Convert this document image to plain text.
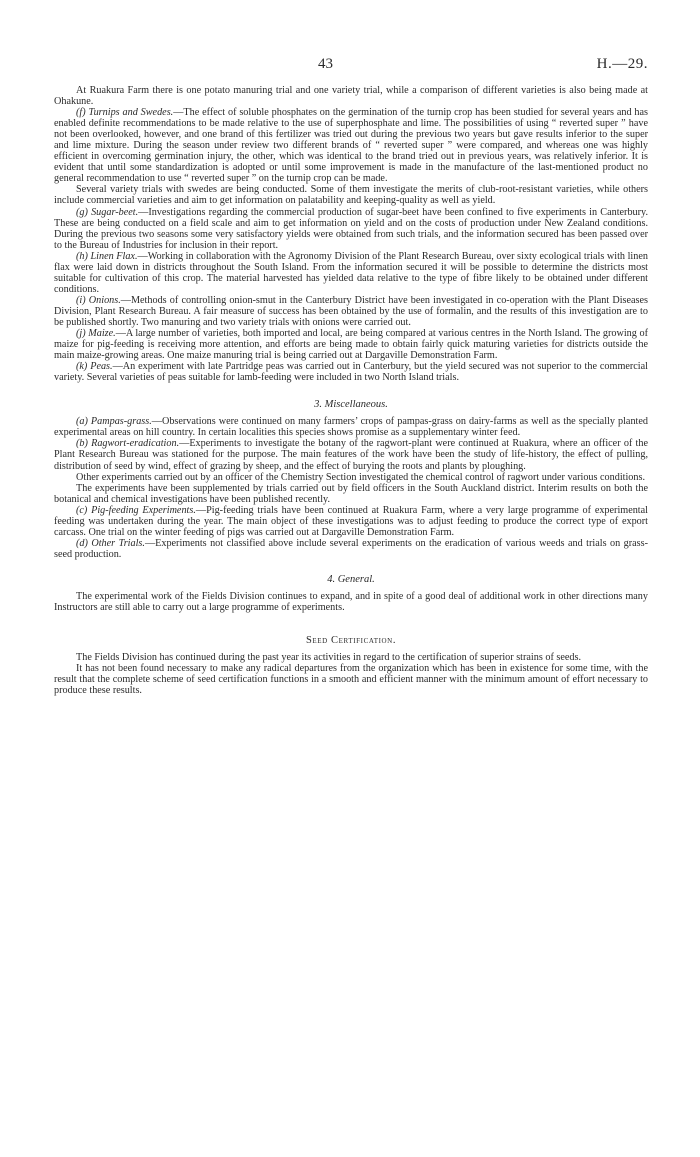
43	H.—29.

At Ruakura Farm there is one potato manuring trial and one variety trial, while a comparison of different varieties is also being made at Ohakune.

(f) Turnips and Swedes.—The effect of soluble phosphates on the germination of the turnip crop has been studied for several years and has enabled definite recommendations to be made relative to the use of superphosphate and lime. The possibilities of using “ reverted super ” have not been overlooked, however, and one brand of this fertilizer was tried out during the previous two years but gave results inferior to the super and lime mixture. During the season under review two different brands of “ reverted super ” were compared, and whereas one was highly efficient in overcoming germination injury, the other, which was identical to the brand tried out in previous years, was relatively inferior. It is evident that until some standardization is adopted or until some improvement is made in the manufacture of the last-mentioned product no general recommendation to use “ reverted super ” on the turnip crop can be made.

Several variety trials with swedes are being conducted. Some of them investigate the merits of club-root-resistant varieties, while others include commercial varieties and aim to get information on palatability and keeping-quality as well as yield.

(g) Sugar-beet.—Investigations regarding the commercial production of sugar-beet have been confined to five experiments in Canterbury. These are being conducted on a field scale and aim to get information on yield and on the costs of production under New Zealand conditions. During the previous two seasons some very satisfactory yields were obtained from such trials, and the information secured has been passed over to the Bureau of Industries for inclusion in their report.

(h) Linen Flax.—Working in collaboration with the Agronomy Division of the Plant Research Bureau, over sixty ecological trials with linen flax were laid down in districts throughout the South Island. From the information secured it will be possible to determine the districts most suitable for cultivation of this crop. The material harvested has yielded data relative to the type of fibre likely to be obtained under different conditions.

(i) Onions.—Methods of controlling onion-smut in the Canterbury District have been investigated in co-operation with the Plant Diseases Division, Plant Research Bureau. A fair measure of success has been obtained by the use of formalin, and the results of this investigation are to be published shortly. Two manuring and two variety trials with onions were carried out.

(j) Maize.—A large number of varieties, both imported and local, are being compared at various centres in the North Island. The growing of maize for pig-feeding is receiving more attention, and efforts are being made to obtain fairly quick maturing varieties for districts outside the main maize-growing areas. One maize manuring trial is being carried out at Dargaville Demonstration Farm.

(k) Peas.—An experiment with late Partridge peas was carried out in Canterbury, but the yield secured was not superior to the commercial variety. Several varieties of peas suitable for lamb-feeding were included in two North Island trials.

3. Miscellaneous.

(a) Pampas-grass.—Observations were continued on many farmers’ crops of pampas-grass on dairy-farms as well as the specially planted experimental areas on hill country. In certain localities this species shows promise as a supplementary winter feed.

(b) Ragwort-eradication.—Experiments to investigate the botany of the ragwort-plant were continued at Ruakura, where an officer of the Plant Research Bureau was stationed for the purpose. The main features of the work have been the study of life-history, the effect of pulling, distribution of seed by wind, effect of grazing by sheep, and the effect of burying the roots and plants by ploughing.

Other experiments carried out by an officer of the Chemistry Section investigated the chemical control of ragwort under various conditions.

The experiments have been supplemented by trials carried out by field officers in the South Auckland district. Interim results on both the botanical and chemical investigations have been published recently.

(c) Pig-feeding Experiments.—Pig-feeding trials have been continued at Ruakura Farm, where a very large programme of experimental feeding was undertaken during the year. The main object of these investigations was to adjust feeding to produce the correct type of export carcass. One trial on the winter feeding of pigs was carried out at Dargaville Demonstration Farm.

(d) Other Trials.—Experiments not classified above include several experiments on the eradication of various weeds and trials on grass-seed production.

4. General.

The experimental work of the Fields Division continues to expand, and in spite of a good deal of additional work in other directions many Instructors are still able to carry out a large programme of experiments.

Seed Certification.

The Fields Division has continued during the past year its activities in regard to the certification of superior strains of seeds.

It has not been found necessary to make any radical departures from the organization which has been in existence for some time, with the result that the complete scheme of seed certification functions in a smooth and efficient manner with the minimum amount of effort necessary to produce these results.
